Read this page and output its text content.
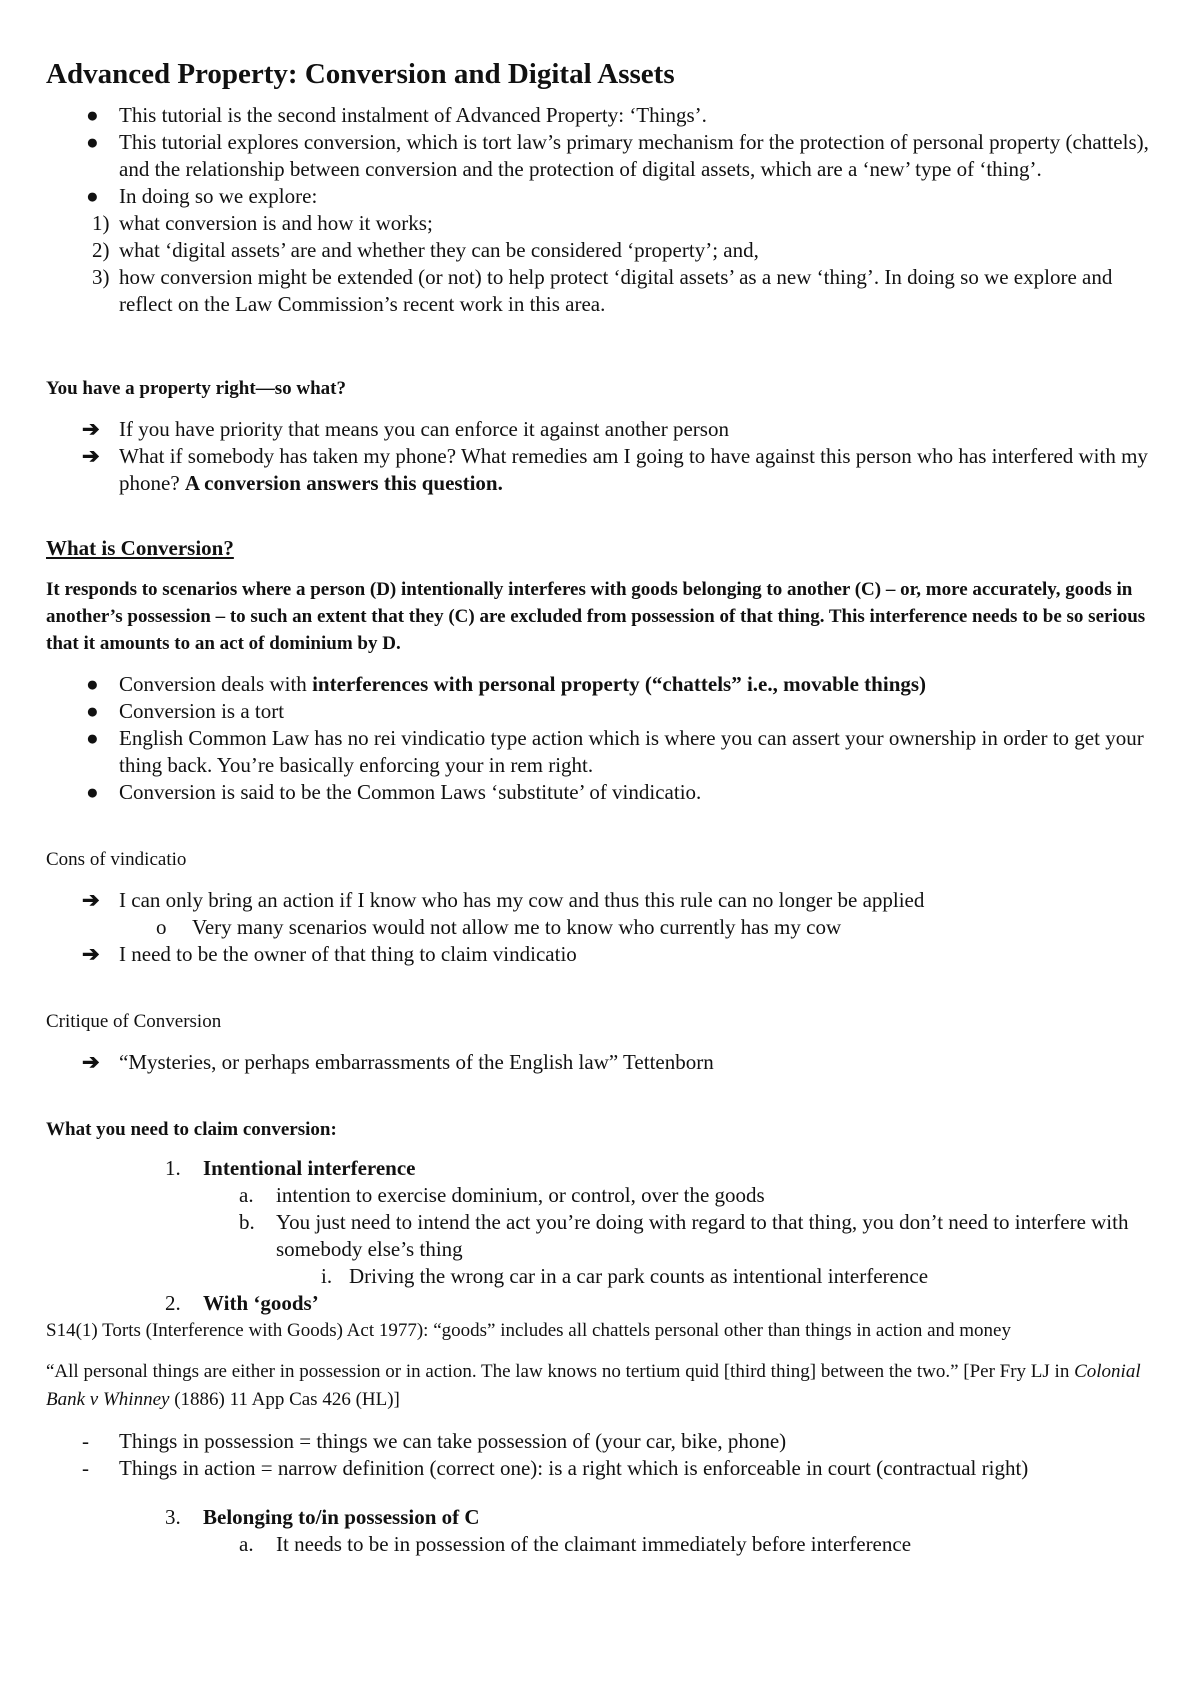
Advanced Property: Conversion and Digital Assets
● This tutorial is the second instalment of Advanced Property: ‘Things’.
● This tutorial explores conversion, which is tort law’s primary mechanism for the protection of personal property (chattels), and the relationship between conversion and the protection of digital assets, which are a ‘new’ type of ‘thing’.
● In doing so we explore:
1) what conversion is and how it works;
2) what ‘digital assets’ are and whether they can be considered ‘property’; and,
3) how conversion might be extended (or not) to help protect ‘digital assets’ as a new ‘thing’. In doing so we explore and reflect on the Law Commission’s recent work in this area.

You have a property right—so what?

➔ If you have priority that means you can enforce it against another person
➔ What if somebody has taken my phone? What remedies am I going to have against this person who has interfered with my phone? A conversion answers this question.

What is Conversion?

It responds to scenarios where a person (D) intentionally interferes with goods belonging to another (C) – or, more accurately, goods in another’s possession – to such an extent that they (C) are excluded from possession of that thing. This interference needs to be so serious that it amounts to an act of dominium by D.

● Conversion deals with interferences with personal property (“chattels” i.e., movable things)
● Conversion is a tort
● English Common Law has no rei vindicatio type action which is where you can assert your ownership in order to get your thing back. You’re basically enforcing your in rem right.
● Conversion is said to be the Common Laws ‘substitute’ of vindicatio.

Cons of vindicatio

➔ I can only bring an action if I know who has my cow and thus this rule can no longer be applied
o Very many scenarios would not allow me to know who currently has my cow
➔ I need to be the owner of that thing to claim vindicatio

Critique of Conversion

➔ “Mysteries, or perhaps embarrassments of the English law” Tettenborn

What you need to claim conversion:

1. Intentional interference
a. intention to exercise dominium, or control, over the goods
b. You just need to intend the act you’re doing with regard to that thing, you don’t need to interfere with somebody else’s thing
i. Driving the wrong car in a car park counts as intentional interference
2. With ‘goods’

S14(1) Torts (Interference with Goods) Act 1977): “goods” includes all chattels personal other than things in action and money

“All personal things are either in possession or in action. The law knows no tertium quid [third thing] between the two.” [Per Fry LJ in Colonial Bank v Whinney (1886) 11 App Cas 426 (HL)]

- Things in possession = things we can take possession of (your car, bike, phone)
- Things in action = narrow definition (correct one): is a right which is enforceable in court (contractual right)
3. Belonging to/in possession of C
a. It needs to be in possession of the claimant immediately before interference
